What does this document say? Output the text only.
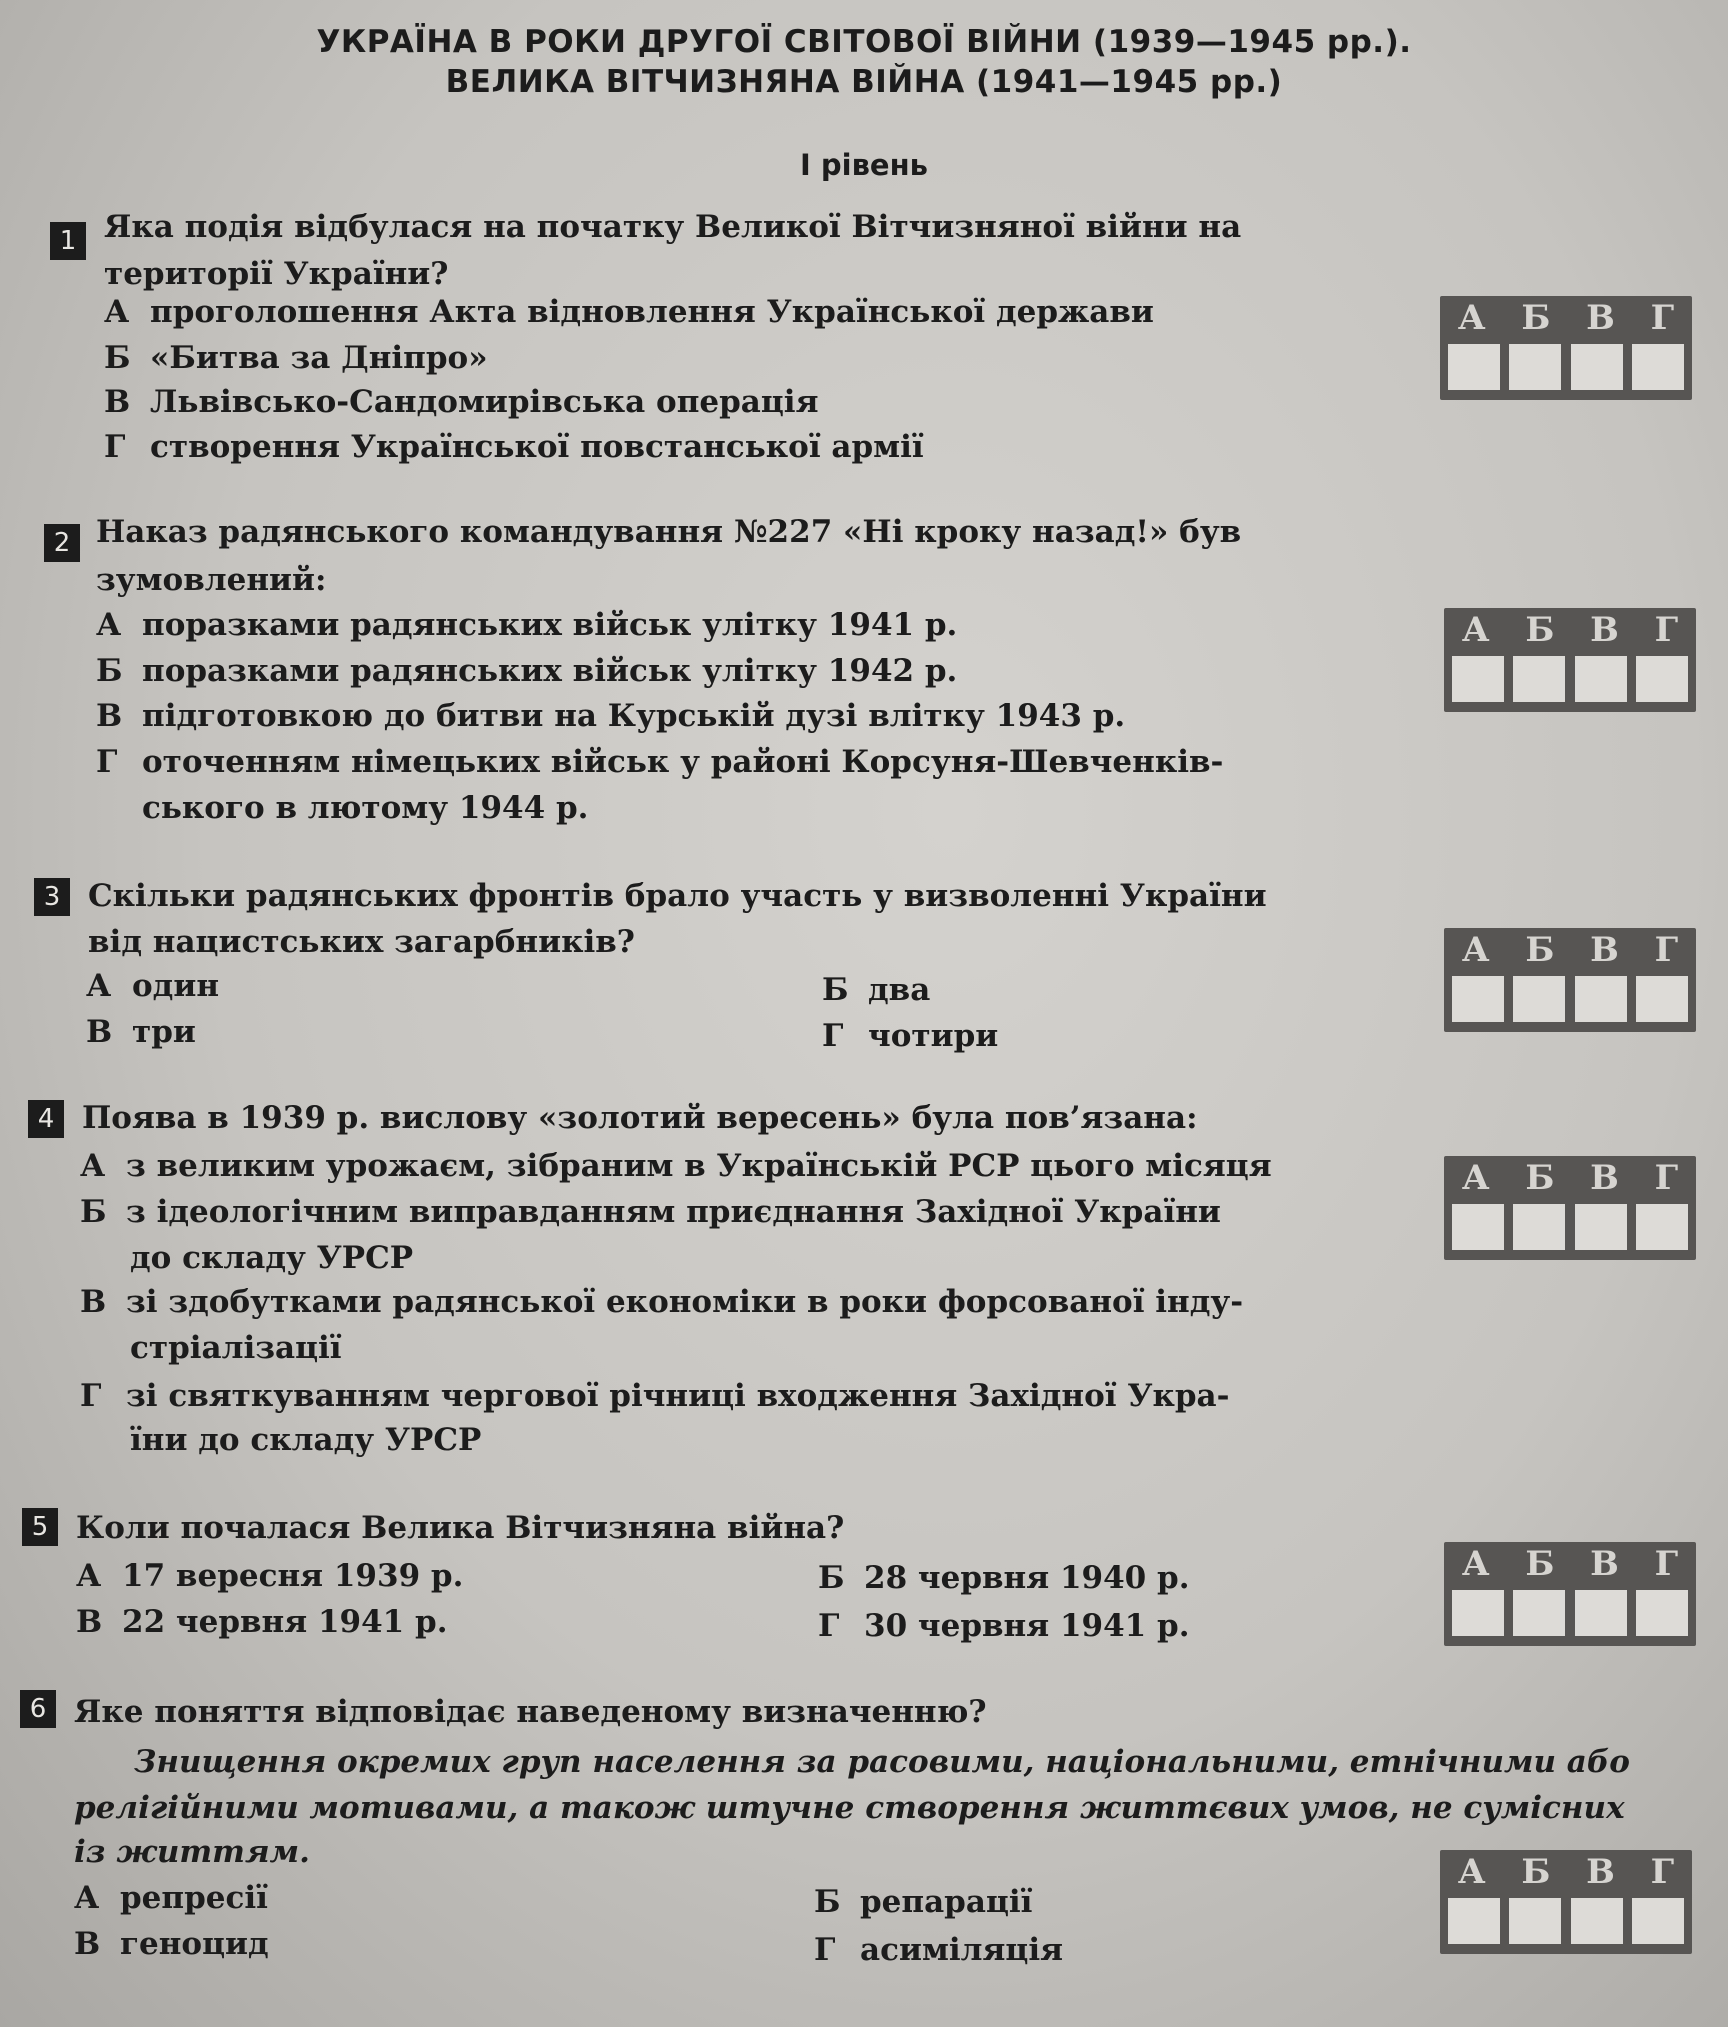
УКРАЇНА В РОКИ ДРУГОЇ СВІТОВОЇ ВІЙНИ (1939—1945 рр.).
ВЕЛИКА ВІТЧИЗНЯНА ВІЙНА (1941—1945 рр.)
І рівень
1 Яка подія відбулася на початку Великої Вітчизняної війни на
території України?
А проголошення Акта відновлення Української держави
Б «Битва за Дніпро»
В Львівсько-Сандомирівська операція
Г створення Української повстанської армії
А Б В Г
2 Наказ радянського командування №227 «Ні кроку назад!» був
зумовлений:
А поразками радянських військ улітку 1941 р.
Б поразками радянських військ улітку 1942 р.
В підготовкою до битви на Курській дузі влітку 1943 р.
Г оточенням німецьких військ у районі Корсуня-Шевченків-
ського в лютому 1944 р.
А Б В Г
3 Скільки радянських фронтів брало участь у визволенні України
від нацистських загарбників?
А один	Б два
В три	Г чотири
А Б В Г
4 Поява в 1939 р. вислову «золотий вересень» була пов’язана:
А з великим урожаєм, зібраним в Українській РСР цього місяця
Б з ідеологічним виправданням приєднання Західної України
до складу УРСР
В зі здобутками радянської економіки в роки форсованої інду-
стріалізації
Г зі святкуванням чергової річниці входження Західної Укра-
їни до складу УРСР
А Б В Г
5 Коли почалася Велика Вітчизняна війна?
А 17 вересня 1939 р.	Б 28 червня 1940 р.
В 22 червня 1941 р.	Г 30 червня 1941 р.
А Б В Г
6 Яке поняття відповідає наведеному визначенню?
Знищення окремих груп населення за расовими, національними, етнічними або
релігійними мотивами, а також штучне створення життєвих умов, не сумісних
із життям.
А репресії	Б репарації
В геноцид	Г асиміляція
А Б В Г
